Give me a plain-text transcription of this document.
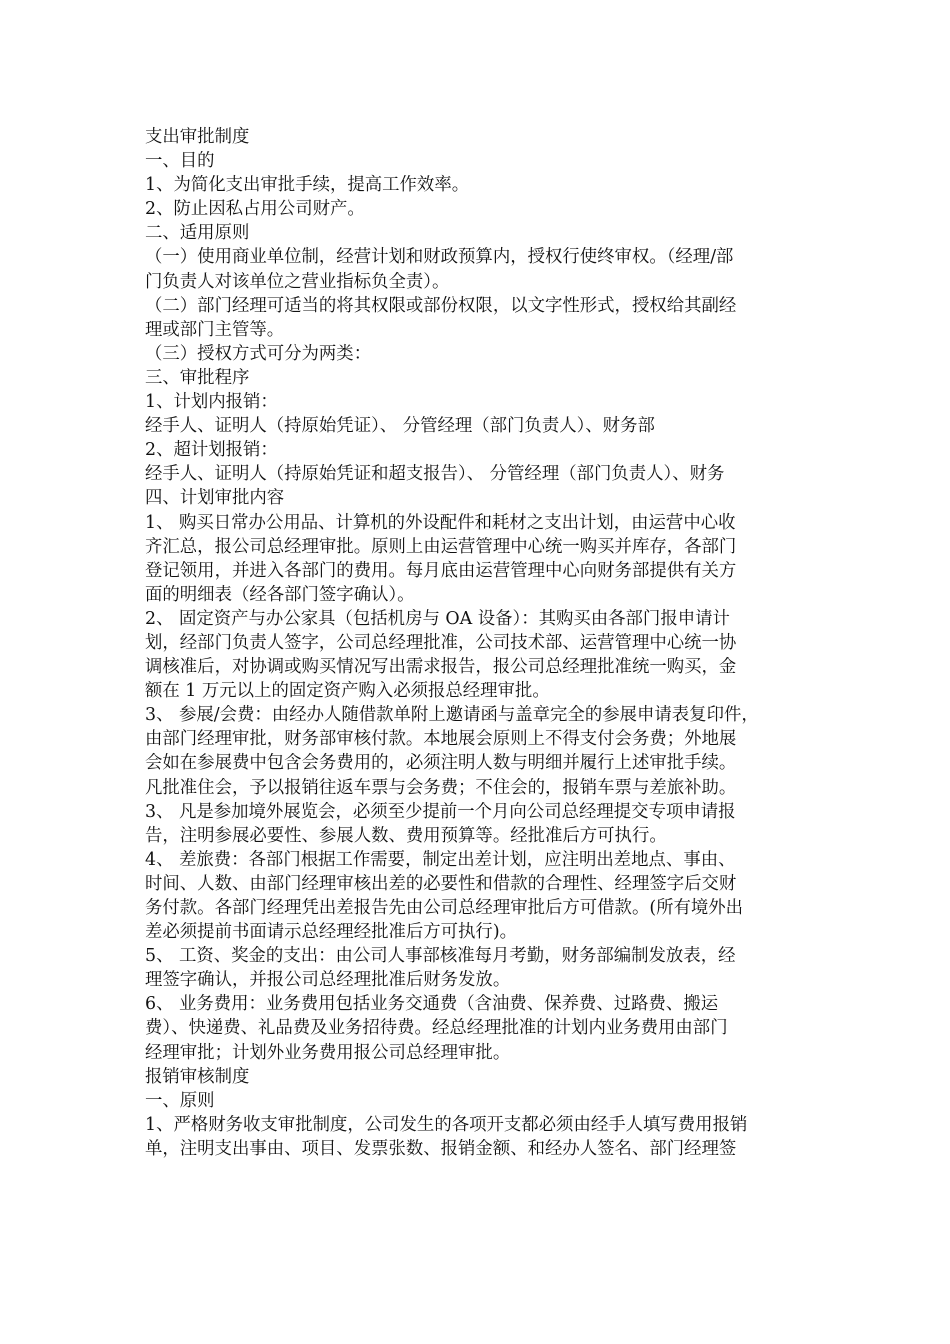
支出审批制度
一、目的
1、为简化支出审批手续，提高工作效率。
2、防止因私占用公司财产。
二、适用原则
（一）使用商业单位制，经营计划和财政预算内，授权行使终审权。（经理/部
门负责人对该单位之营业指标负全责）。
（二）部门经理可适当的将其权限或部份权限，以文字性形式，授权给其副经
理或部门主管等。
（三）授权方式可分为两类：
三、审批程序
1、计划内报销：
经手人、证明人（持原始凭证）、 分管经理（部门负责人）、财务部
2、超计划报销：
经手人、证明人（持原始凭证和超支报告）、 分管经理（部门负责人）、财务
四、计划审批内容
1、 购买日常办公用品、计算机的外设配件和耗材之支出计划，由运营中心收
齐汇总，报公司总经理审批。原则上由运营管理中心统一购买并库存，各部门
登记领用，并进入各部门的费用。每月底由运营管理中心向财务部提供有关方
面的明细表（经各部门签字确认）。
2、 固定资产与办公家具（包括机房与 OA 设备）：其购买由各部门报申请计
划，经部门负责人签字，公司总经理批准，公司技术部、运营管理中心统一协
调核准后，对协调或购买情况写出需求报告，报公司总经理批准统一购买，金
额在 1 万元以上的固定资产购入必须报总经理审批。
3、 参展/会费：由经办人随借款单附上邀请函与盖章完全的参展申请表复印件，
由部门经理审批，财务部审核付款。本地展会原则上不得支付会务费；外地展
会如在参展费中包含会务费用的，必须注明人数与明细并履行上述审批手续。
凡批准住会，予以报销往返车票与会务费；不住会的，报销车票与差旅补助。
3、 凡是参加境外展览会，必须至少提前一个月向公司总经理提交专项申请报
告，注明参展必要性、参展人数、费用预算等。经批准后方可执行。
4、 差旅费：各部门根据工作需要，制定出差计划，应注明出差地点、事由、
时间、人数、由部门经理审核出差的必要性和借款的合理性、经理签字后交财
务付款。各部门经理凭出差报告先由公司总经理审批后方可借款。(所有境外出
差必须提前书面请示总经理经批准后方可执行)。
5、 工资、奖金的支出：由公司人事部核准每月考勤，财务部编制发放表，经
理签字确认，并报公司总经理批准后财务发放。
6、 业务费用：业务费用包括业务交通费（含油费、保养费、过路费、搬运
费）、快递费、礼品费及业务招待费。经总经理批准的计划内业务费用由部门
经理审批；计划外业务费用报公司总经理审批。
报销审核制度
一、原则
1、严格财务收支审批制度，公司发生的各项开支都必须由经手人填写费用报销
单，注明支出事由、项目、发票张数、报销金额、和经办人签名、部门经理签
